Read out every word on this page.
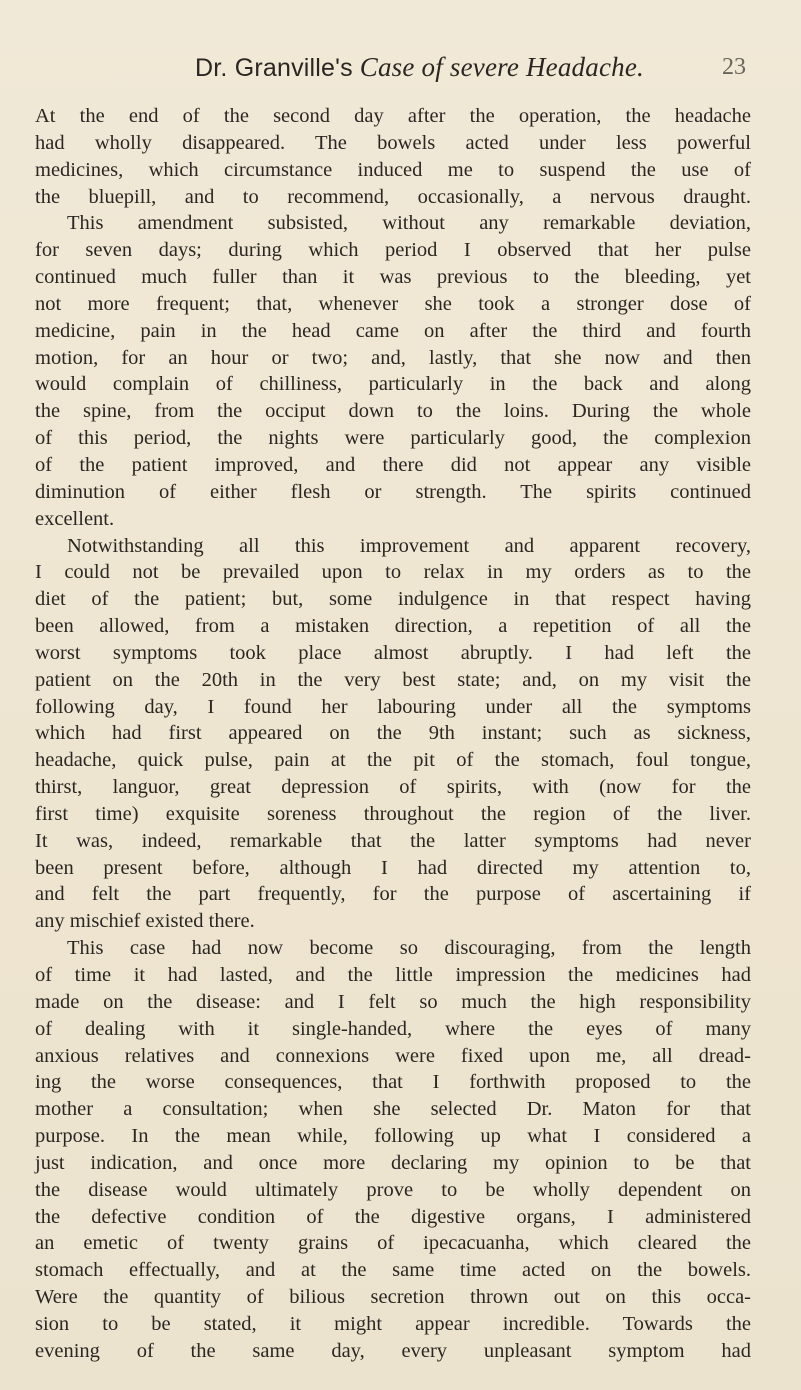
Dr. Granville's Case of severe Headache.	23
At the end of the second day after the operation, the headache
had wholly disappeared. The bowels acted under less powerful
medicines, which circumstance induced me to suspend the use of
the bluepill, and to recommend, occasionally, a nervous draught.
This amendment subsisted, without any remarkable deviation,
for seven days; during which period I observed that her pulse
continued much fuller than it was previous to the bleeding, yet
not more frequent; that, whenever she took a stronger dose of
medicine, pain in the head came on after the third and fourth
motion, for an hour or two; and, lastly, that she now and then
would complain of chilliness, particularly in the back and along
the spine, from the occiput down to the loins. During the whole
of this period, the nights were particularly good, the complexion
of the patient improved, and there did not appear any visible
diminution of either flesh or strength. The spirits continued
excellent.
Notwithstanding all this improvement and apparent recovery,
I could not be prevailed upon to relax in my orders as to the
diet of the patient; but, some indulgence in that respect having
been allowed, from a mistaken direction, a repetition of all the
worst symptoms took place almost abruptly. I had left the
patient on the 20th in the very best state; and, on my visit the
following day, I found her labouring under all the symptoms
which had first appeared on the 9th instant; such as sickness,
headache, quick pulse, pain at the pit of the stomach, foul tongue,
thirst, languor, great depression of spirits, with (now for the
first time) exquisite soreness throughout the region of the liver.
It was, indeed, remarkable that the latter symptoms had never
been present before, although I had directed my attention to,
and felt the part frequently, for the purpose of ascertaining if
any mischief existed there.
This case had now become so discouraging, from the length
of time it had lasted, and the little impression the medicines had
made on the disease: and I felt so much the high responsibility
of dealing with it single-handed, where the eyes of many
anxious relatives and connexions were fixed upon me, all dread-
ing the worse consequences, that I forthwith proposed to the
mother a consultation; when she selected Dr. Maton for that
purpose. In the mean while, following up what I considered a
just indication, and once more declaring my opinion to be that
the disease would ultimately prove to be wholly dependent on
the defective condition of the digestive organs, I administered
an emetic of twenty grains of ipecacuanha, which cleared the
stomach effectually, and at the same time acted on the bowels.
Were the quantity of bilious secretion thrown out on this occa-
sion to be stated, it might appear incredible. Towards the
evening of the same day, every unpleasant symptom had
